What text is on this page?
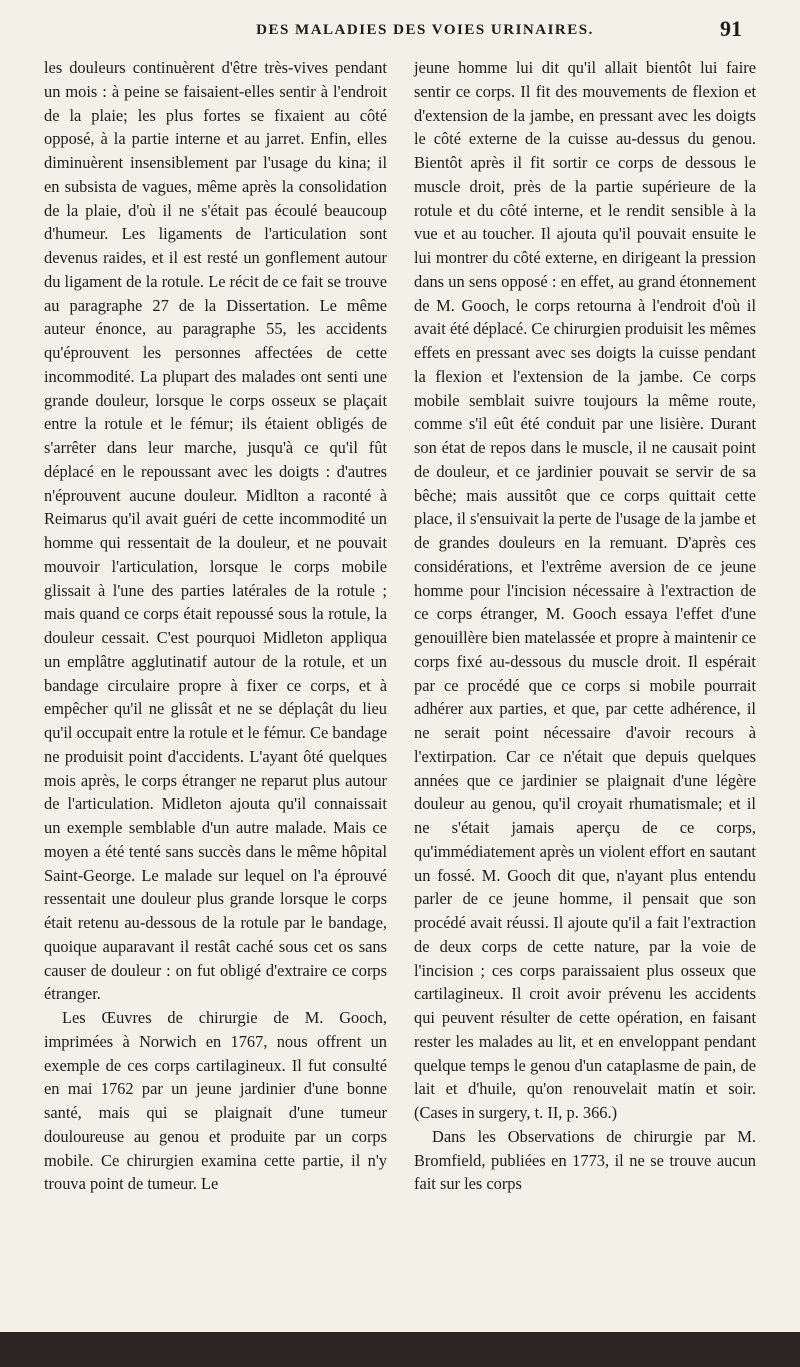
DES MALADIES DES VOIES URINAIRES.	91

les douleurs continuèrent d'être très-vives pendant un mois : à peine se faisaient-elles sentir à l'endroit de la plaie; les plus fortes se fixaient au côté opposé, à la partie interne et au jarret. Enfin, elles diminuèrent insensiblement par l'usage du kina; il en subsista de vagues, même après la consolidation de la plaie, d'où il ne s'était pas écoulé beaucoup d'humeur. Les ligaments de l'articulation sont devenus raides, et il est resté un gonflement autour du ligament de la rotule. Le récit de ce fait se trouve au paragraphe 27 de la Dissertation. Le même auteur énonce, au paragraphe 55, les accidents qu'éprouvent les personnes affectées de cette incommodité. La plupart des malades ont senti une grande douleur, lorsque le corps osseux se plaçait entre la rotule et le fémur; ils étaient obligés de s'arrêter dans leur marche, jusqu'à ce qu'il fût déplacé en le repoussant avec les doigts : d'autres n'éprouvent aucune douleur. Midlton a raconté à Reimarus qu'il avait guéri de cette incommodité un homme qui ressentait de la douleur, et ne pouvait mouvoir l'articulation, lorsque le corps mobile glissait à l'une des parties latérales de la rotule ; mais quand ce corps était repoussé sous la rotule, la douleur cessait. C'est pourquoi Midleton appliqua un emplâtre agglutinatif autour de la rotule, et un bandage circulaire propre à fixer ce corps, et à empêcher qu'il ne glissât et ne se déplaçât du lieu qu'il occupait entre la rotule et le fémur. Ce bandage ne produisit point d'accidents. L'ayant ôté quelques mois après, le corps étranger ne reparut plus autour de l'articulation. Midleton ajouta qu'il connaissait un exemple semblable d'un autre malade. Mais ce moyen a été tenté sans succès dans le même hôpital Saint-George. Le malade sur lequel on l'a éprouvé ressentait une douleur plus grande lorsque le corps était retenu au-dessous de la rotule par le bandage, quoique auparavant il restât caché sous cet os sans causer de douleur : on fut obligé d'extraire ce corps étranger.

Les Œuvres de chirurgie de M. Gooch, imprimées à Norwich en 1767, nous offrent un exemple de ces corps cartilagineux. Il fut consulté en mai 1762 par un jeune jardinier d'une bonne santé, mais qui se plaignait d'une tumeur douloureuse au genou et produite par un corps mobile. Ce chirurgien examina cette partie, il n'y trouva point de tumeur. Le

jeune homme lui dit qu'il allait bientôt lui faire sentir ce corps. Il fit des mouvements de flexion et d'extension de la jambe, en pressant avec les doigts le côté externe de la cuisse au-dessus du genou. Bientôt après il fit sortir ce corps de dessous le muscle droit, près de la partie supérieure de la rotule et du côté interne, et le rendit sensible à la vue et au toucher. Il ajouta qu'il pouvait ensuite le lui montrer du côté externe, en dirigeant la pression dans un sens opposé : en effet, au grand étonnement de M. Gooch, le corps retourna à l'endroit d'où il avait été déplacé. Ce chirurgien produisit les mêmes effets en pressant avec ses doigts la cuisse pendant la flexion et l'extension de la jambe. Ce corps mobile semblait suivre toujours la même route, comme s'il eût été conduit par une lisière. Durant son état de repos dans le muscle, il ne causait point de douleur, et ce jardinier pouvait se servir de sa bêche; mais aussitôt que ce corps quittait cette place, il s'ensuivait la perte de l'usage de la jambe et de grandes douleurs en la remuant. D'après ces considérations, et l'extrême aversion de ce jeune homme pour l'incision nécessaire à l'extraction de ce corps étranger, M. Gooch essaya l'effet d'une genouillère bien matelassée et propre à maintenir ce corps fixé au-dessous du muscle droit. Il espérait par ce procédé que ce corps si mobile pourrait adhérer aux parties, et que, par cette adhérence, il ne serait point nécessaire d'avoir recours à l'extirpation. Car ce n'était que depuis quelques années que ce jardinier se plaignait d'une légère douleur au genou, qu'il croyait rhumatismale; et il ne s'était jamais aperçu de ce corps, qu'immédiatement après un violent effort en sautant un fossé. M. Gooch dit que, n'ayant plus entendu parler de ce jeune homme, il pensait que son procédé avait réussi. Il ajoute qu'il a fait l'extraction de deux corps de cette nature, par la voie de l'incision ; ces corps paraissaient plus osseux que cartilagineux. Il croit avoir prévenu les accidents qui peuvent résulter de cette opération, en faisant rester les malades au lit, et en enveloppant pendant quelque temps le genou d'un cataplasme de pain, de lait et d'huile, qu'on renouvelait matin et soir. (Cases in surgery, t. II, p. 366.)

Dans les Observations de chirurgie par M. Bromfield, publiées en 1773, il ne se trouve aucun fait sur les corps
